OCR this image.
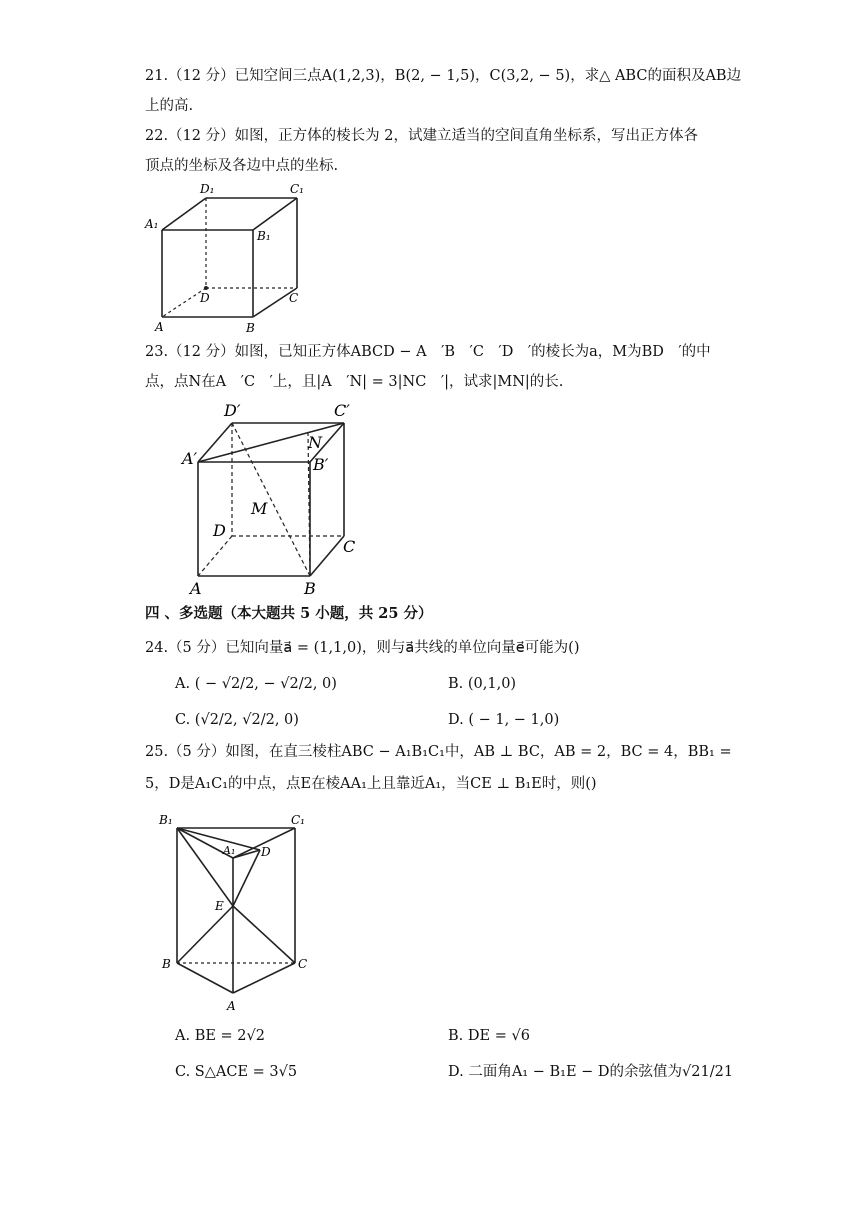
21.（12 分）已知空间三点A(1,2,3)，B(2, − 1,5)，C(3,2, − 5)，求△ ABC的面积及AB边
上的高.
22.（12 分）如图，正方体的棱长为 2，试建立适当的空间直角坐标系，写出正方体各
顶点的坐标及各边中点的坐标.
D₁	C₁
A₁
B₁
D	C
A	B
23.（12 分）如图，已知正方体ABCD − A　′B　′C　′D　′的棱长为a，M为BD　′的中
点，点N在A　′C　′上，且|A　′N| = 3|NC　′|，试求|MN|的长.
D′	C′
A′	B′
N
M
D
C
A	B
四 、多选题（本大题共 5 小题，共 25 分）
24.（5 分）已知向量a⃗ = (1,1,0)，则与a⃗共线的单位向量e⃗可能为()
A. ( − √2/2, − √2/2, 0)	B. (0,1,0)
C. (√2/2, √2/2, 0)	D. ( − 1, − 1,0)
25.（5 分）如图，在直三棱柱ABC − A₁B₁C₁中，AB ⊥ BC，AB = 2，BC = 4，BB₁ =
5，D是A₁C₁的中点，点E在棱AA₁上且靠近A₁，当CE ⊥ B₁E时，则()
B₁	C₁
A₁ D
E
B	C
A
A. BE = 2√2	B. DE = √6
C. S△ACE = 3√5	D. 二面角A₁ − B₁E − D的余弦值为√21/21
